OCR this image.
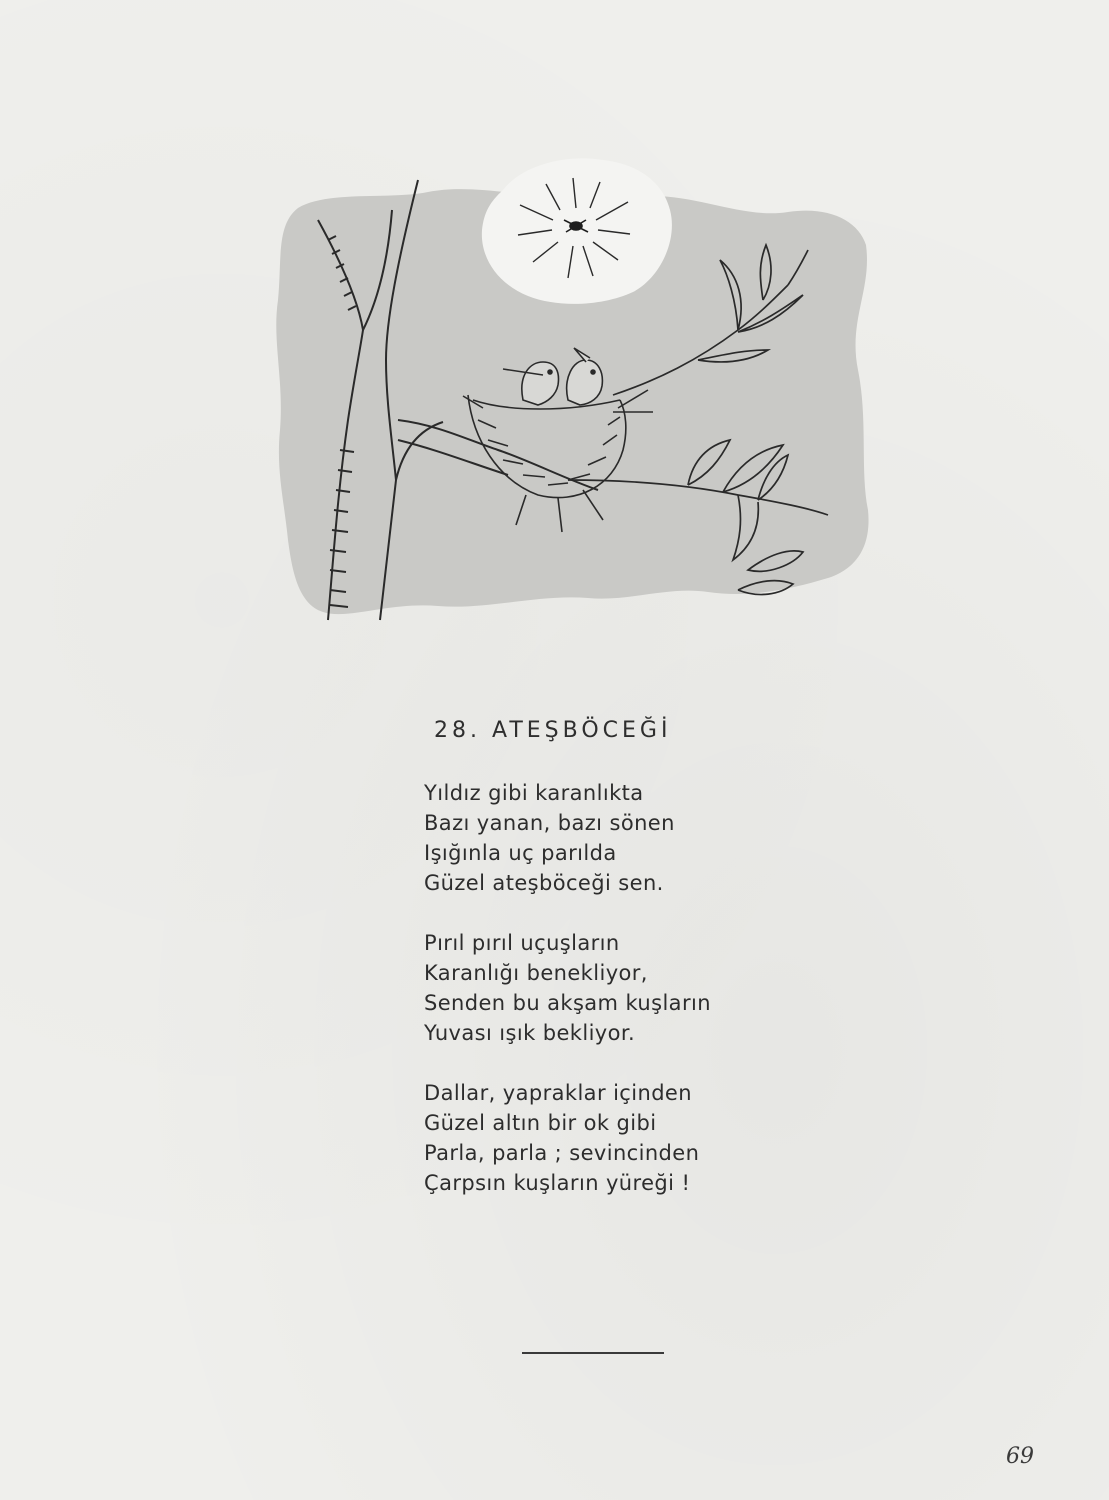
28. ATEŞBÖCEĞİ
Yıldız gibi karanlıkta
Bazı yanan, bazı sönen
Işığınla uç parılda
Güzel ateşböceği sen.
Pırıl pırıl uçuşların
Karanlığı benekliyor,
Senden bu akşam kuşların
Yuvası ışık bekliyor.
Dallar, yapraklar içinden
Güzel altın bir ok gibi
Parla, parla ; sevincinden
Çarpsın kuşların yüreği !
69
